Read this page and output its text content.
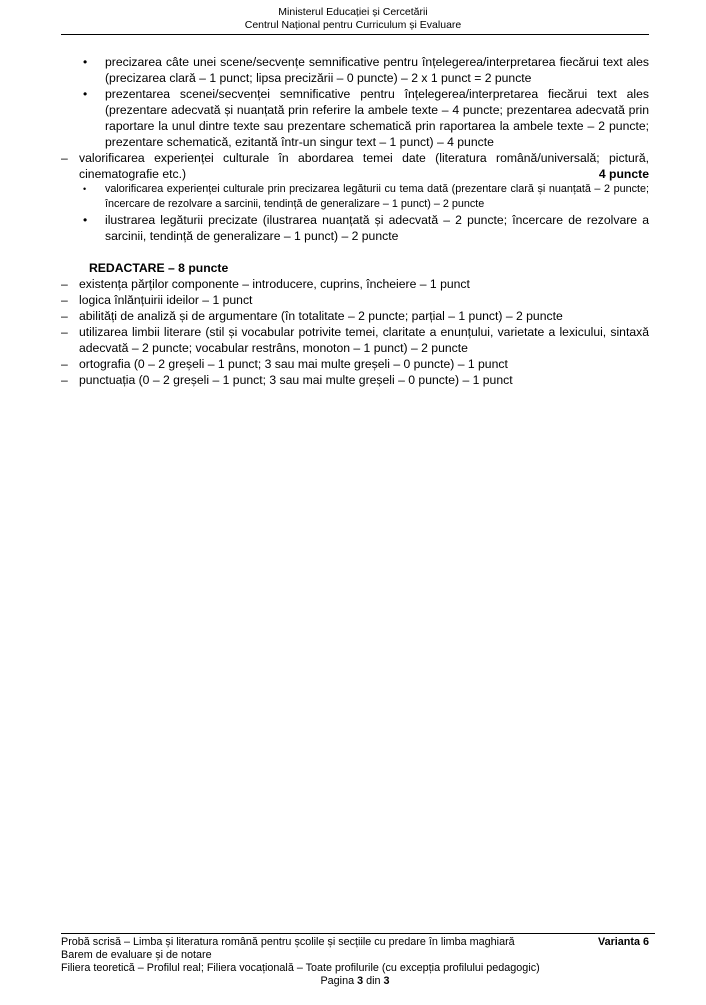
Ministerul Educației și Cercetării
Centrul Național pentru Curriculum și Evaluare
• precizarea câte unei scene/secvențe semnificative pentru înțelegerea/interpretarea fiecărui text ales (precizarea clară – 1 punct; lipsa precizării – 0 puncte) – 2 x 1 punct = 2 puncte
• prezentarea scenei/secvenței semnificative pentru înțelegerea/interpretarea fiecărui text ales (prezentare adecvată și nuanțată prin referire la ambele texte – 4 puncte; prezentarea adecvată prin raportare la unul dintre texte sau prezentare schematică prin raportarea la ambele texte – 2 puncte; prezentare schematică, ezitantă într-un singur text – 1 punct) – 4 puncte
– valorificarea experienței culturale în abordarea temei date (literatura română/universală; pictură, cinematografie etc.)	4 puncte
• valorificarea experienței culturale prin precizarea legăturii cu tema dată (prezentare clară și nuanțată – 2 puncte; încercare de rezolvare a sarcinii, tendință de generalizare – 1 punct) – 2 puncte
• ilustrarea legăturii precizate (ilustrarea nuanțată și adecvată – 2 puncte; încercare de rezolvare a sarcinii, tendință de generalizare – 1 punct) – 2 puncte
REDACTARE – 8 puncte
– existența părților componente – introducere, cuprins, încheiere – 1 punct
– logica înlănțuirii ideilor – 1 punct
– abilități de analiză și de argumentare (în totalitate – 2 puncte; parțial – 1 punct) – 2 puncte
– utilizarea limbii literare (stil și vocabular potrivite temei, claritate a enunțului, varietate a lexicului, sintaxă adecvată – 2 puncte; vocabular restrâns, monoton – 1 punct) – 2 puncte
– ortografia (0 – 2 greșeli – 1 punct; 3 sau mai multe greșeli – 0 puncte) – 1 punct
– punctuația (0 – 2 greșeli – 1 punct; 3 sau mai multe greșeli – 0 puncte) – 1 punct
Probă scrisă – Limba și literatura română pentru școlile și secțiile cu predare în limba maghiară	Varianta 6
Barem de evaluare și de notare
Filiera teoretică – Profilul real; Filiera vocațională – Toate profilurile (cu excepția profilului pedagogic)
Pagina 3 din 3
